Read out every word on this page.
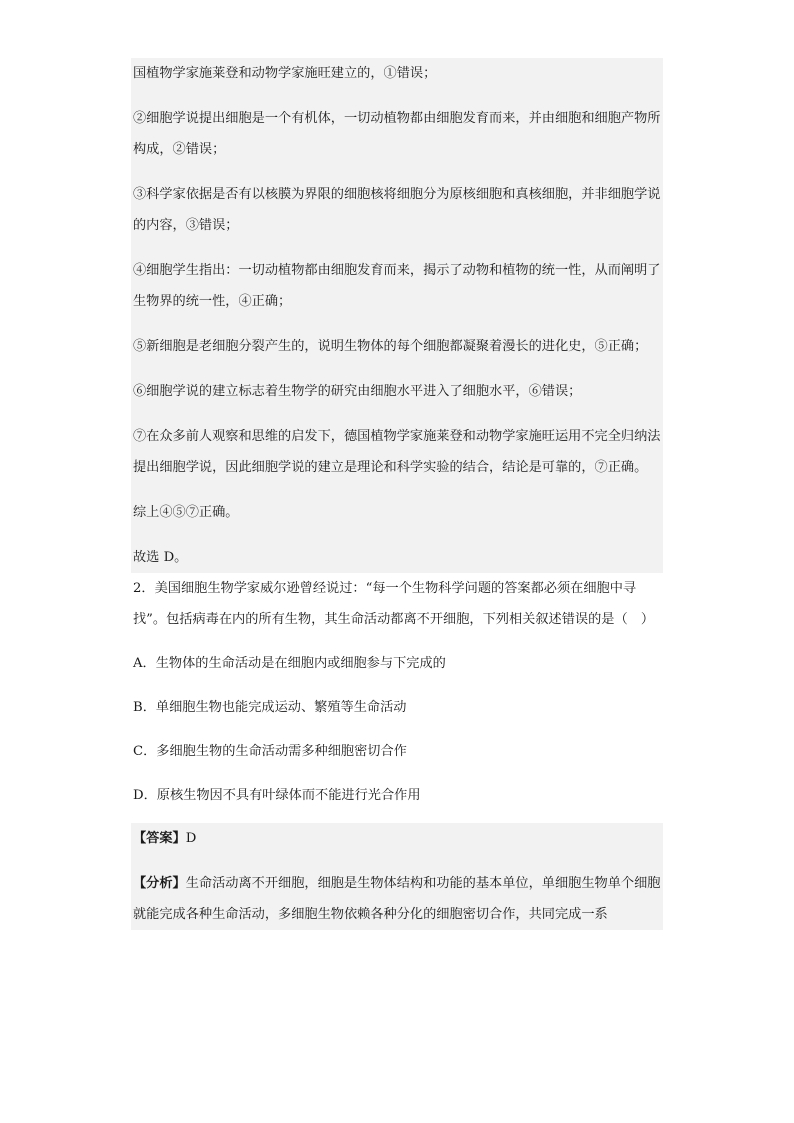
国植物学家施莱登和动物学家施旺建立的，①错误；
②细胞学说提出细胞是一个有机体，一切动植物都由细胞发育而来，并由细胞和细胞产物所构成，②错误；
③科学家依据是否有以核膜为界限的细胞核将细胞分为原核细胞和真核细胞，并非细胞学说的内容，③错误；
④细胞学生指出：一切动植物都由细胞发育而来，揭示了动物和植物的统一性，从而阐明了生物界的统一性，④正确；
⑤新细胞是老细胞分裂产生的，说明生物体的每个细胞都凝聚着漫长的进化史，⑤正确；
⑥细胞学说的建立标志着生物学的研究由细胞水平进入了细胞水平，⑥错误；
⑦在众多前人观察和思维的启发下，德国植物学家施莱登和动物学家施旺运用不完全归纳法提出细胞学说，因此细胞学说的建立是理论和科学实验的结合，结论是可靠的，⑦正确。
综上④⑤⑦正确。
故选 D。
2．美国细胞生物学家威尔逊曾经说过：“每一个生物科学问题的答案都必须在细胞中寻找”。包括病毒在内的所有生物，其生命活动都离不开细胞，下列相关叙述错误的是（　）
A．生物体的生命活动是在细胞内或细胞参与下完成的
B．单细胞生物也能完成运动、繁殖等生命活动
C．多细胞生物的生命活动需多种细胞密切合作
D．原核生物因不具有叶绿体而不能进行光合作用
【答案】D
【分析】生命活动离不开细胞，细胞是生物体结构和功能的基本单位，单细胞生物单个细胞就能完成各种生命活动，多细胞生物依赖各种分化的细胞密切合作，共同完成一系
